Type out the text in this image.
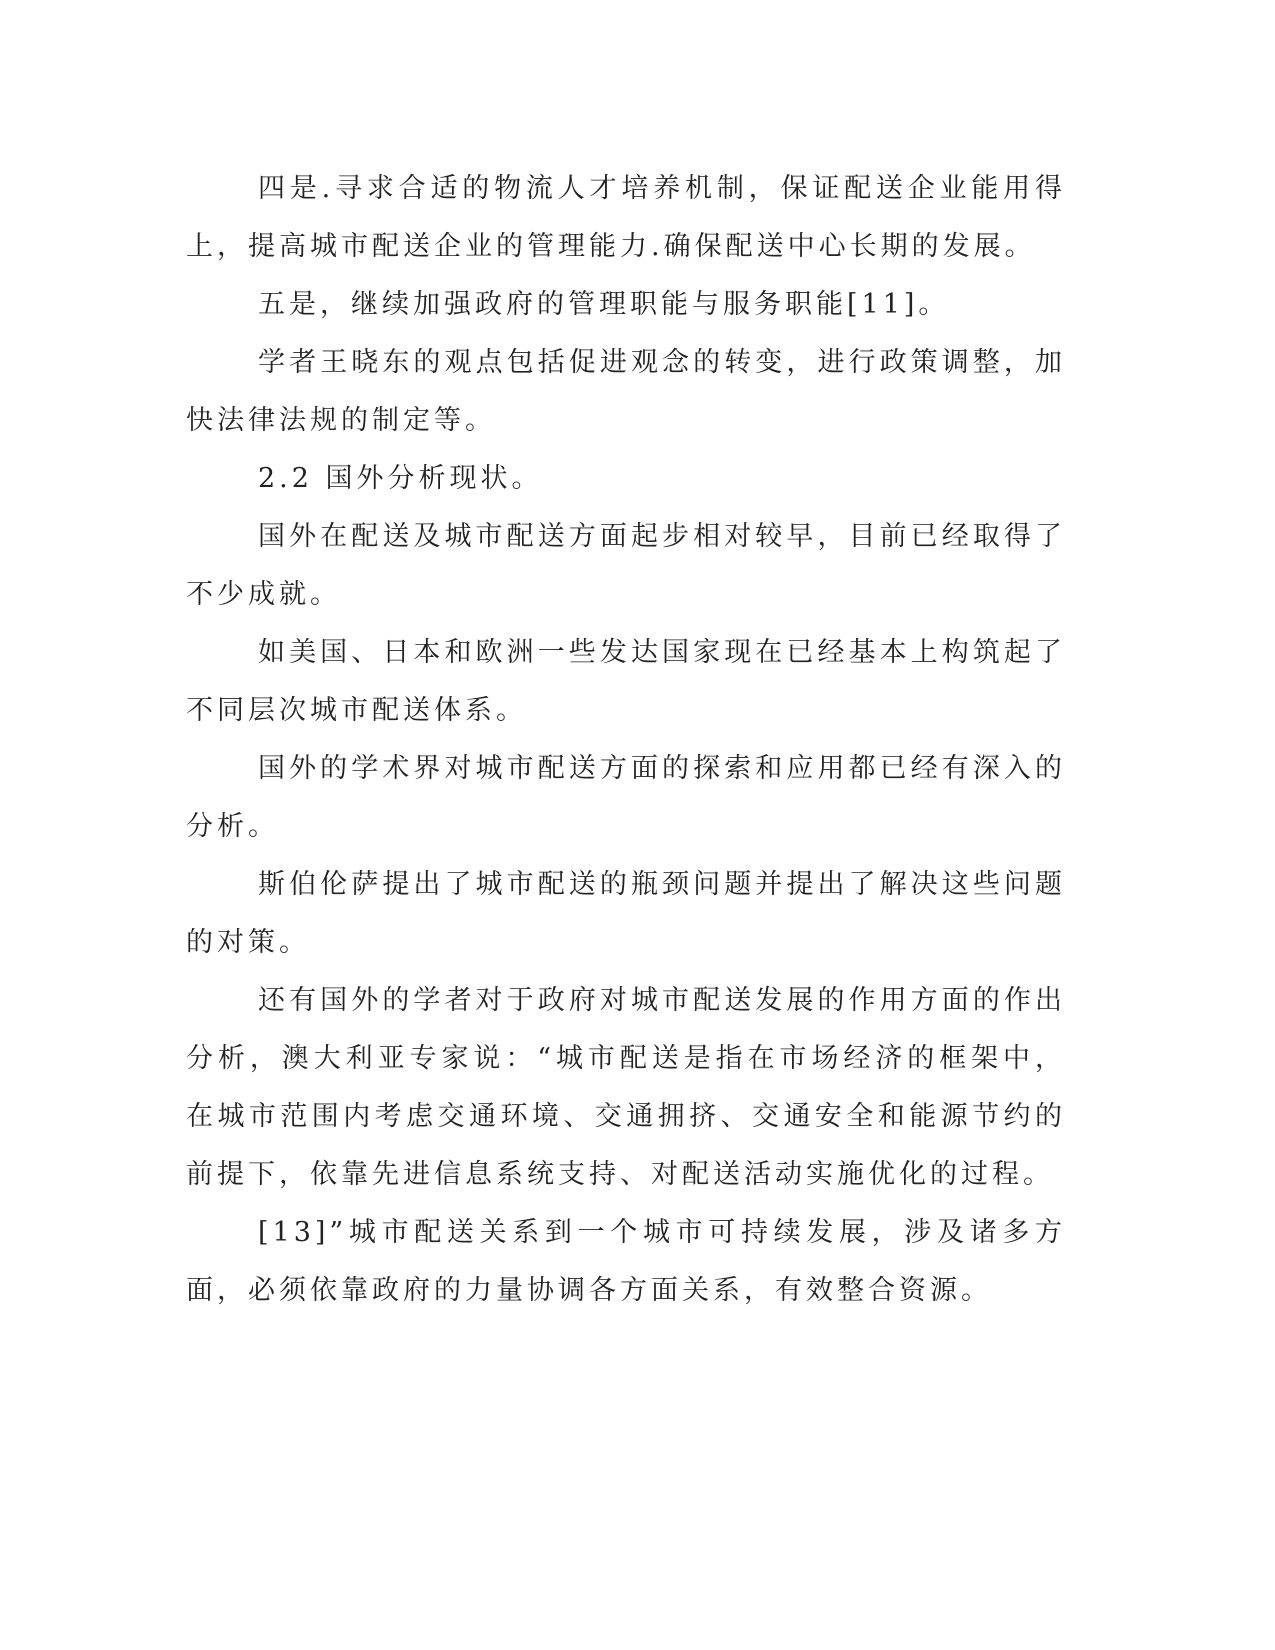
四是.寻求合适的物流人才培养机制，保证配送企业能用得上，提高城市配送企业的管理能力.确保配送中心长期的发展。

五是，继续加强政府的管理职能与服务职能[11]。

学者王晓东的观点包括促进观念的转变，进行政策调整，加快法律法规的制定等。

2.2 国外分析现状。

国外在配送及城市配送方面起步相对较早，目前已经取得了不少成就。

如美国、日本和欧洲一些发达国家现在已经基本上构筑起了不同层次城市配送体系。

国外的学术界对城市配送方面的探索和应用都已经有深入的分析。

斯伯伦萨提出了城市配送的瓶颈问题并提出了解决这些问题的对策。

还有国外的学者对于政府对城市配送发展的作用方面的作出分析，澳大利亚专家说：“城市配送是指在市场经济的框架中，在城市范围内考虑交通环境、交通拥挤、交通安全和能源节约的前提下，依靠先进信息系统支持、对配送活动实施优化的过程。

[13]”城市配送关系到一个城市可持续发展，涉及诸多方面，必须依靠政府的力量协调各方面关系，有效整合资源。
